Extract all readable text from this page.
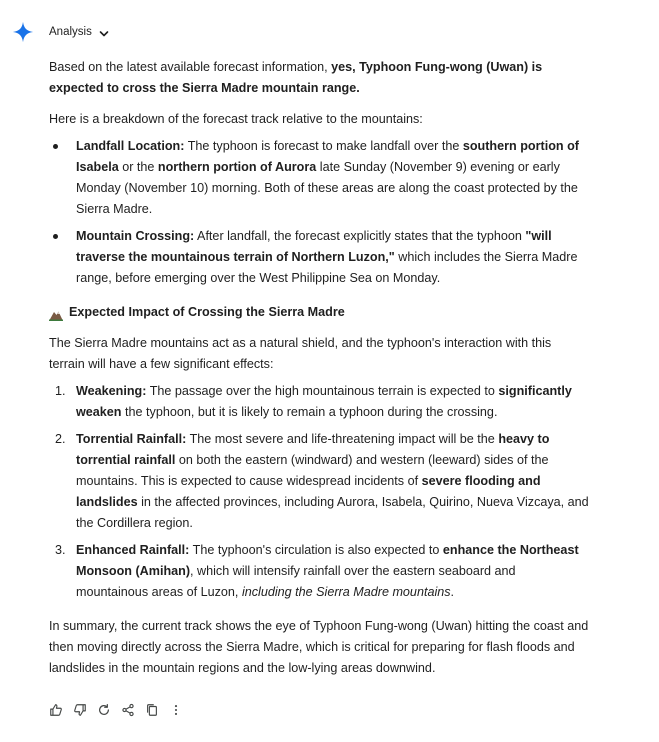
Analysis

Based on the latest available forecast information, yes, Typhoon Fung-wong (Uwan) is expected to cross the Sierra Madre mountain range.

Here is a breakdown of the forecast track relative to the mountains:

Landfall Location: The typhoon is forecast to make landfall over the southern portion of Isabela or the northern portion of Aurora late Sunday (November 9) evening or early Monday (November 10) morning. Both of these areas are along the coast protected by the Sierra Madre.
Mountain Crossing: After landfall, the forecast explicitly states that the typhoon "will traverse the mountainous terrain of Northern Luzon," which includes the Sierra Madre range, before emerging over the West Philippine Sea on Monday.
Expected Impact of Crossing the Sierra Madre

The Sierra Madre mountains act as a natural shield, and the typhoon's interaction with this terrain will have a few significant effects:

1. Weakening: The passage over the high mountainous terrain is expected to significantly weaken the typhoon, but it is likely to remain a typhoon during the crossing.
2. Torrential Rainfall: The most severe and life-threatening impact will be the heavy to torrential rainfall on both the eastern (windward) and western (leeward) sides of the mountains. This is expected to cause widespread incidents of severe flooding and landslides in the affected provinces, including Aurora, Isabela, Quirino, Nueva Vizcaya, and the Cordillera region.
3. Enhanced Rainfall: The typhoon's circulation is also expected to enhance the Northeast Monsoon (Amihan), which will intensify rainfall over the eastern seaboard and mountainous areas of Luzon, including the Sierra Madre mountains.

In summary, the current track shows the eye of Typhoon Fung-wong (Uwan) hitting the coast and then moving directly across the Sierra Madre, which is critical for preparing for flash floods and landslides in the mountain regions and the low-lying areas downwind.
